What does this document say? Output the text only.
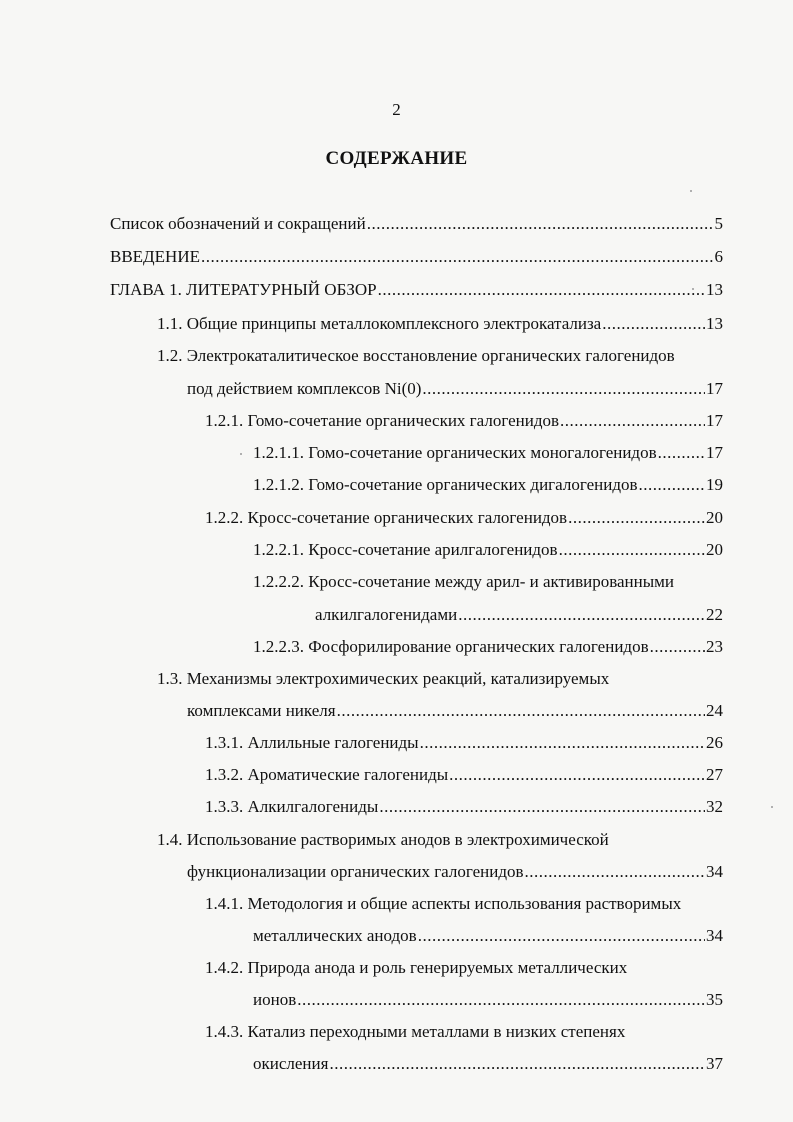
2
СОДЕРЖАНИЕ
Список обозначений и сокращений .....	5
ВВЕДЕНИЕ .....	6
ГЛАВА 1. ЛИТЕРАТУРНЫЙ ОБЗОР .....	13
1.1. Общие принципы металлокомплексного электрокатализа .....	13
1.2. Электрокаталитическое восстановление органических галогенидов
под действием комплексов Ni(0) .....	17
1.2.1. Гомо-сочетание органических галогенидов .....	17
1.2.1.1. Гомо-сочетание органических моногалогенидов .....	17
1.2.1.2. Гомо-сочетание органических дигалогенидов .....	19
1.2.2. Кросс-сочетание органических галогенидов .....	20
1.2.2.1. Кросс-сочетание арилгалогенидов .....	20
1.2.2.2. Кросс-сочетание между арил- и активированными
алкилгалогенидами .....	22
1.2.2.3. Фосфорилирование органических галогенидов .....	23
1.3. Механизмы электрохимических реакций, катализируемых
комплексами никеля .....	24
1.3.1. Аллильные галогениды .....	26
1.3.2. Ароматические галогениды .....	27
1.3.3. Алкилгалогениды .....	32
1.4. Использование растворимых анодов в электрохимической
функционализации органических галогенидов .....	34
1.4.1. Методология и общие аспекты использования растворимых
металлических анодов .....	34
1.4.2. Природа анода и роль генерируемых металлических
ионов .....	35
1.4.3. Катализ переходными металлами в низких степенях
окисления .....	37
